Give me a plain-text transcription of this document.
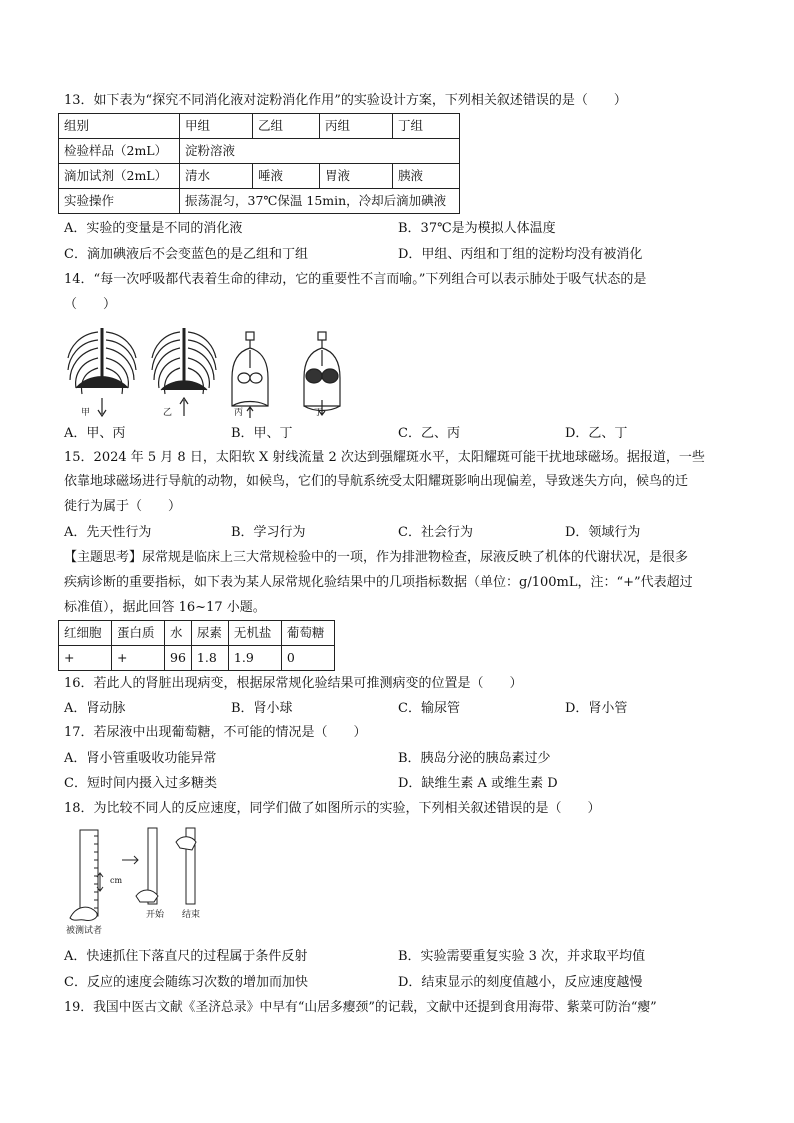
13．如下表为“探究不同消化液对淀粉消化作用”的实验设计方案，下列相关叙述错误的是（　　）
组别	甲组	乙组	丙组	丁组
检验样品（2mL）	淀粉溶液			
滴加试剂（2mL）	清水	唾液	胃液	胰液
实验操作	振荡混匀，37℃保温 15min，冷却后滴加碘液			
A．实验的变量是不同的消化液	B．37℃是为模拟人体温度
C．滴加碘液后不会变蓝色的是乙组和丁组	D．甲组、丙组和丁组的淀粉均没有被消化
14．“每一次呼吸都代表着生命的律动，它的重要性不言而喻。”下列组合可以表示肺处于吸气状态的是
（　　）
甲	乙	丙	丁
A．甲、丙	B．甲、丁	C．乙、丙	D．乙、丁
15．2024 年 5 月 8 日，太阳软 X 射线流量 2 次达到强耀斑水平，太阳耀斑可能干扰地球磁场。据报道，一些
依靠地球磁场进行导航的动物，如候鸟，它们的导航系统受太阳耀斑影响出现偏差，导致迷失方向，候鸟的迁
徙行为属于（　　）
A．先天性行为	B．学习行为	C．社会行为	D．领域行为
【主题思考】尿常规是临床上三大常规检验中的一项，作为排泄物检查，尿液反映了机体的代谢状况，是很多
疾病诊断的重要指标，如下表为某人尿常规化验结果中的几项指标数据（单位：g/100mL，注：“+”代表超过
标准值），据此回答 16~17 小题。
红细胞	蛋白质	水	尿素	无机盐	葡萄糖
+	+	96	1.8	1.9	0
16．若此人的肾脏出现病变，根据尿常规化验结果可推测病变的位置是（　　）
A．肾动脉	B．肾小球	C．输尿管	D．肾小管
17．若尿液中出现葡萄糖，不可能的情况是（　　）
A．肾小管重吸收功能异常	B．胰岛分泌的胰岛素过少
C．短时间内摄入过多糖类	D．缺维生素 A 或维生素 D
18．为比较不同人的反应速度，同学们做了如图所示的实验，下列相关叙述错误的是（　　）
cm
开始 结束
被测试者
A．快速抓住下落直尺的过程属于条件反射	B．实验需要重复实验 3 次，并求取平均值
C．反应的速度会随练习次数的增加而加快	D．结束显示的刻度值越小，反应速度越慢
19．我国中医古文献《圣济总录》中早有“山居多瘿颈”的记载，文献中还提到食用海带、紫菜可防治“瘿”
